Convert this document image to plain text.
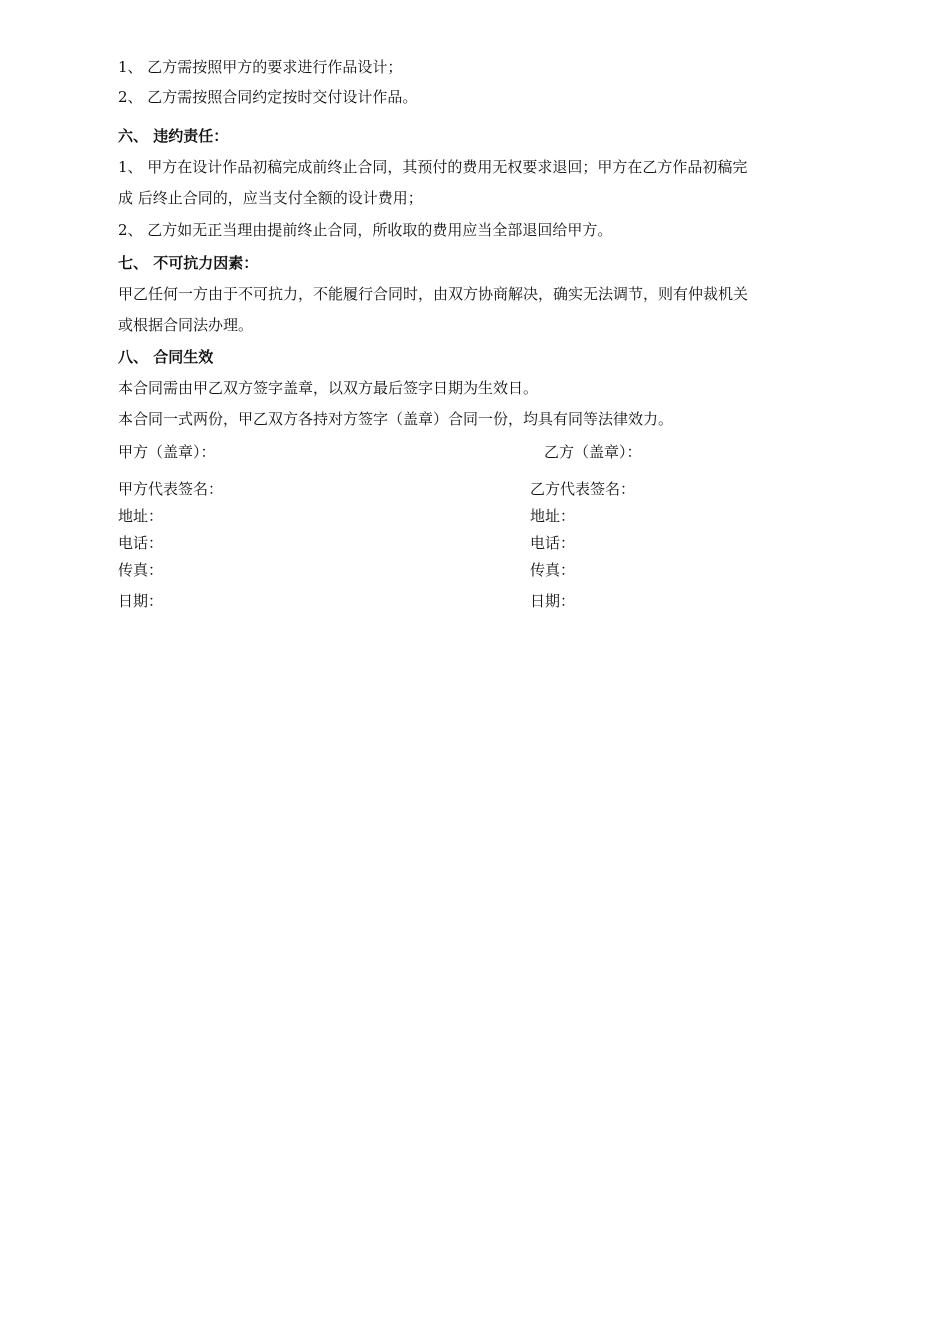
1、 乙方需按照甲方的要求进行作品设计；
2、 乙方需按照合同约定按时交付设计作品。
六、 违约责任：
1、 甲方在设计作品初稿完成前终止合同，其预付的费用无权要求退回；甲方在乙方作品初稿完
成 后终止合同的，应当支付全额的设计费用；
2、 乙方如无正当理由提前终止合同，所收取的费用应当全部退回给甲方。
七、 不可抗力因素：
甲乙任何一方由于不可抗力，不能履行合同时，由双方协商解决，确实无法调节，则有仲裁机关
或根据合同法办理。
八、 合同生效
本合同需由甲乙双方签字盖章，以双方最后签字日期为生效日。
本合同一式两份，甲乙双方各持对方签字（盖章）合同一份，均具有同等法律效力。
甲方（盖章）：	乙方（盖章）：
甲方代表签名：	乙方代表签名：
地址：	地址：
电话：	电话：
传真：	传真：
日期：	日期：
